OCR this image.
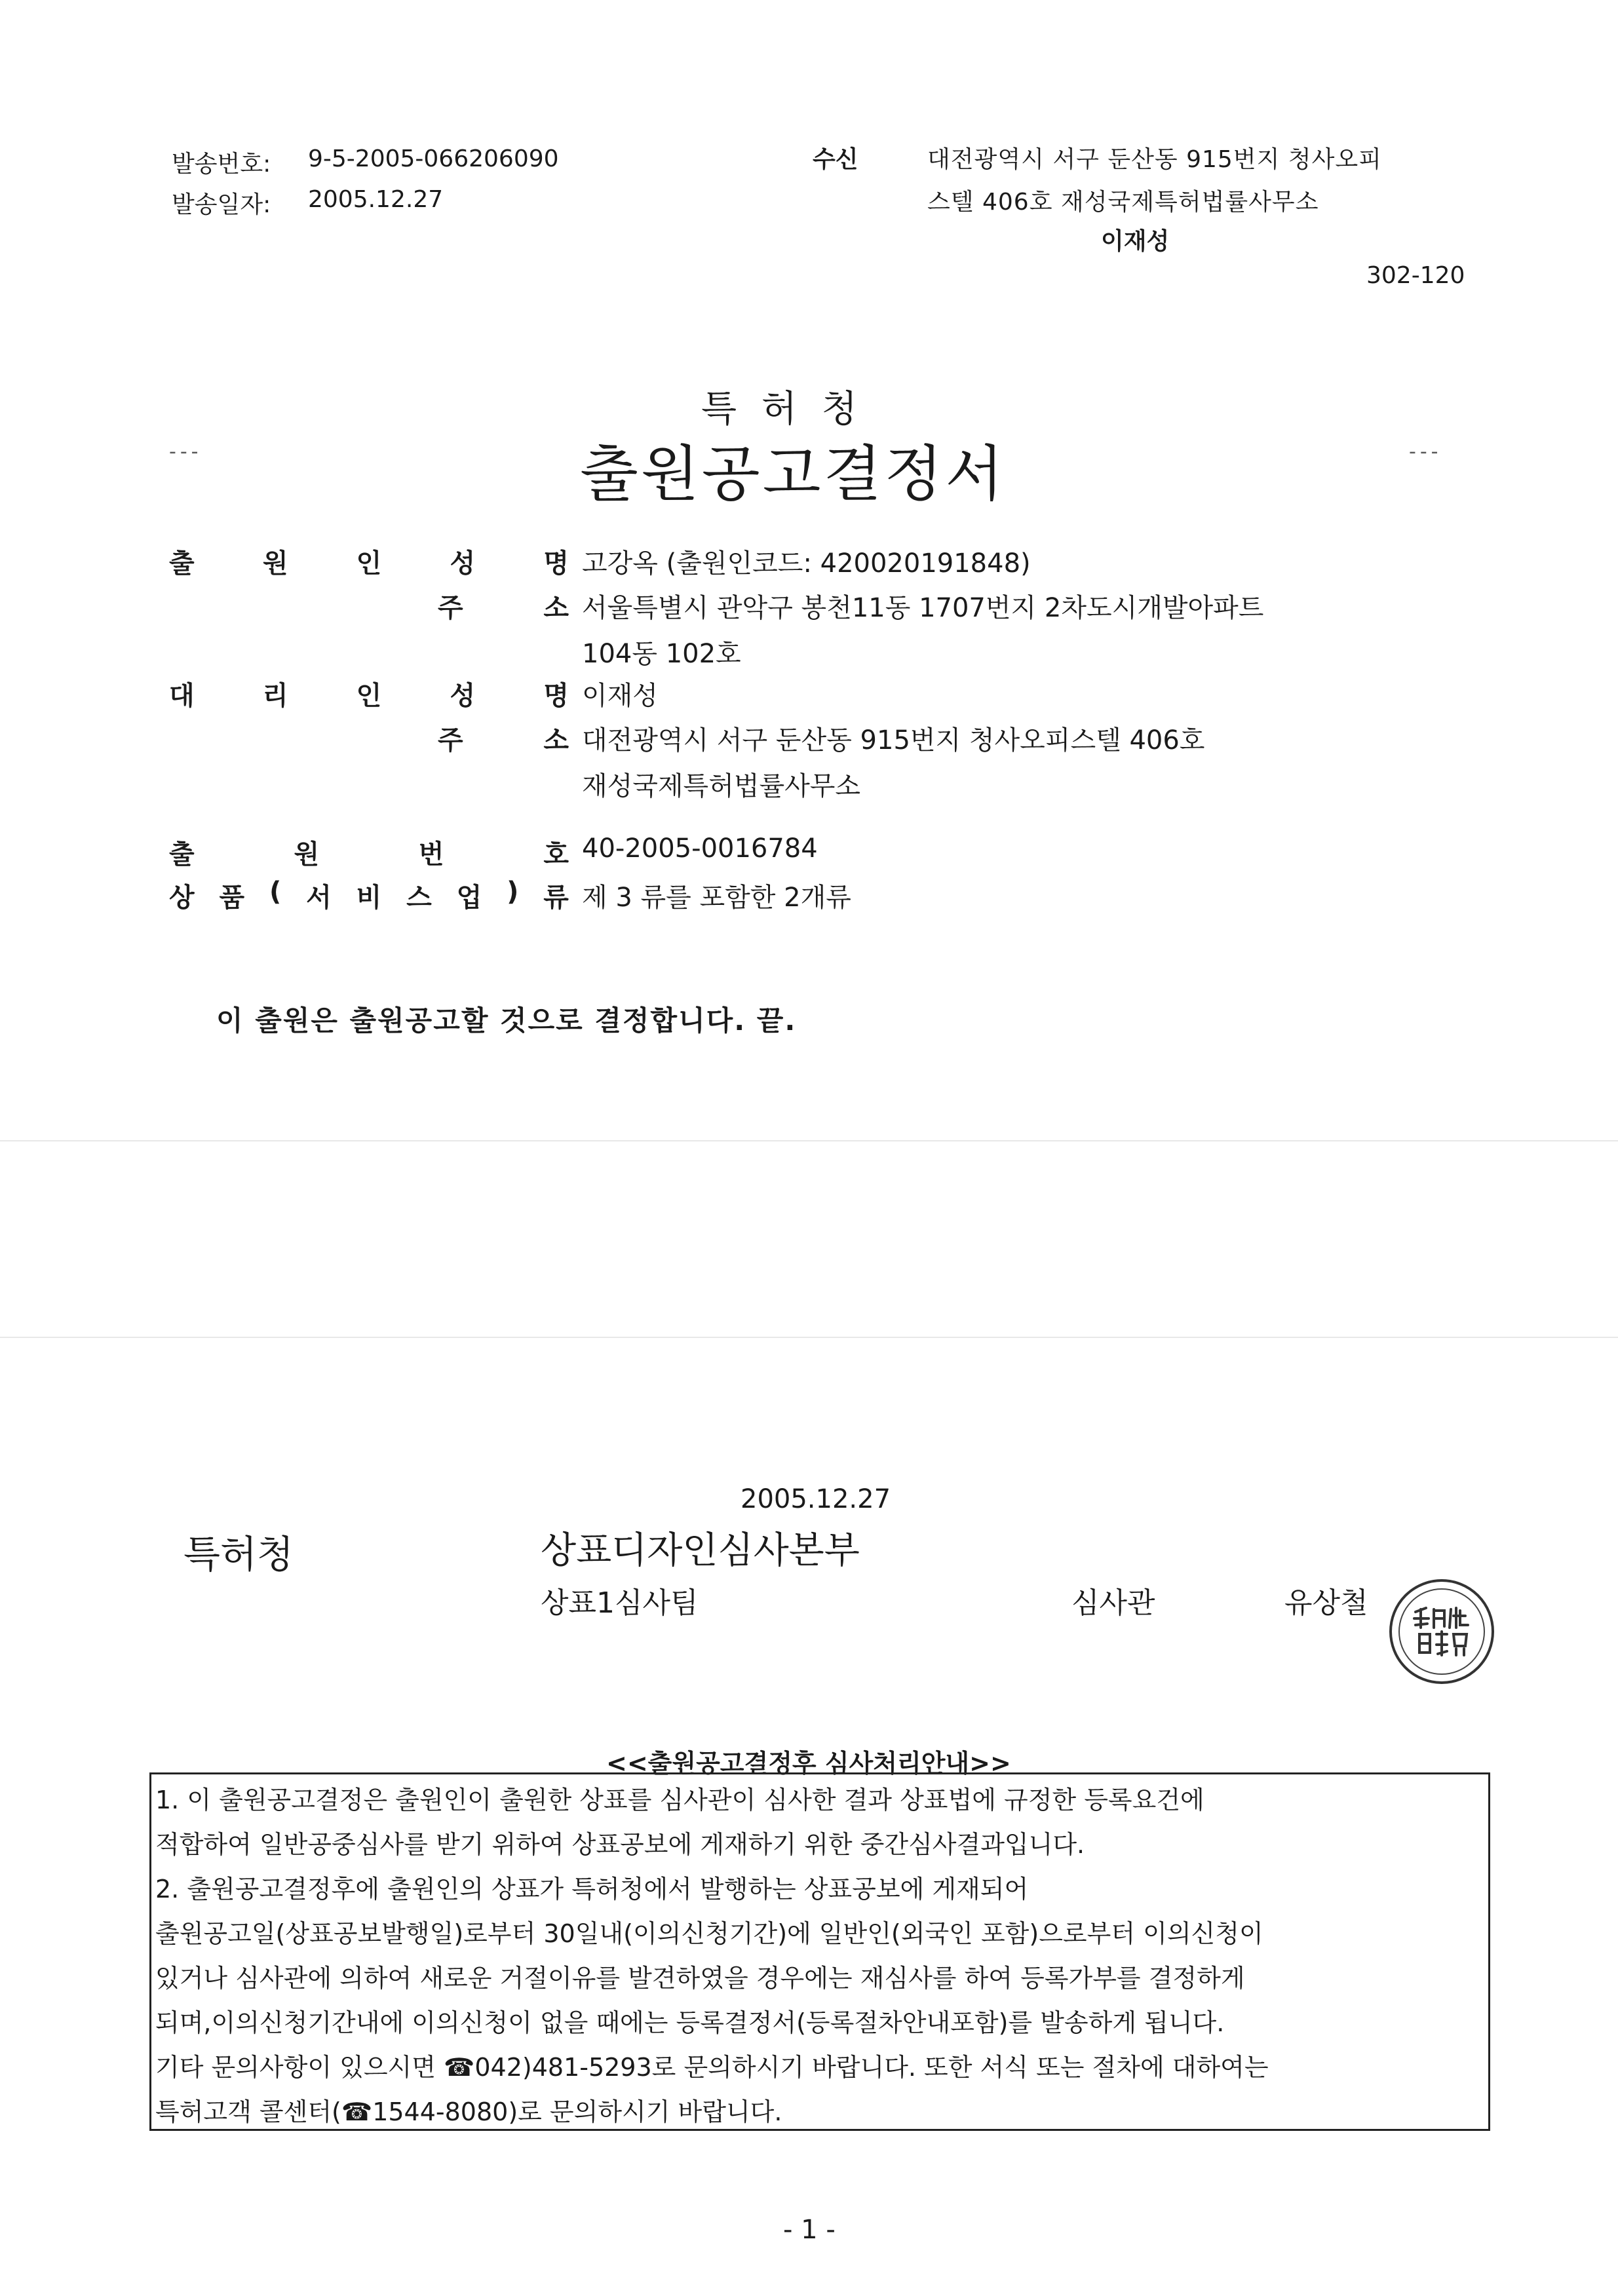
발송번호: 9-5-2005-066206090
발송일자: 2005.12.27
수신	대전광역시 서구 둔산동 915번지 청사오피
스텔 406호 재성국제특허법률사무소
이재성
302-120
특 허 청
---	출원공고결정서	---
출	원	인	성	명 고강옥 (출원인코드: 420020191848)
주	소 서울특별시 관악구 봉천11동 1707번지 2차도시개발아파트
104동 102호
대	리	인	성	명 이재성
주	소 대전광역시 서구 둔산동 915번지 청사오피스텔 406호
재성국제특허법률사무소
출	원	번	호 40-2005-0016784
상 품 ( 서 비 스 업 ) 류 제 3 류를 포함한 2개류
이 출원은 출원공고할 것으로 결정합니다. 끝.
2005.12.27
특허청	상표디자인심사본부
상표1심사팀	심사관	유상철
<<출원공고결정후 심사처리안내>>
1. 이 출원공고결정은 출원인이 출원한 상표를 심사관이 심사한 결과 상표법에 규정한 등록요건에
적합하여 일반공중심사를 받기 위하여 상표공보에 게재하기 위한 중간심사결과입니다.
2. 출원공고결정후에 출원인의 상표가 특허청에서 발행하는 상표공보에 게재되어
출원공고일(상표공보발행일)로부터 30일내(이의신청기간)에 일반인(외국인 포함)으로부터 이의신청이
있거나 심사관에 의하여 새로운 거절이유를 발견하였을 경우에는 재심사를 하여 등록가부를 결정하게
되며,이의신청기간내에 이의신청이 없을 때에는 등록결정서(등록절차안내포함)를 발송하게 됩니다.
기타 문의사항이 있으시면 ☎042)481-5293로 문의하시기 바랍니다. 또한 서식 또는 절차에 대하여는
특허고객 콜센터(☎1544-8080)로 문의하시기 바랍니다.
- 1 -
